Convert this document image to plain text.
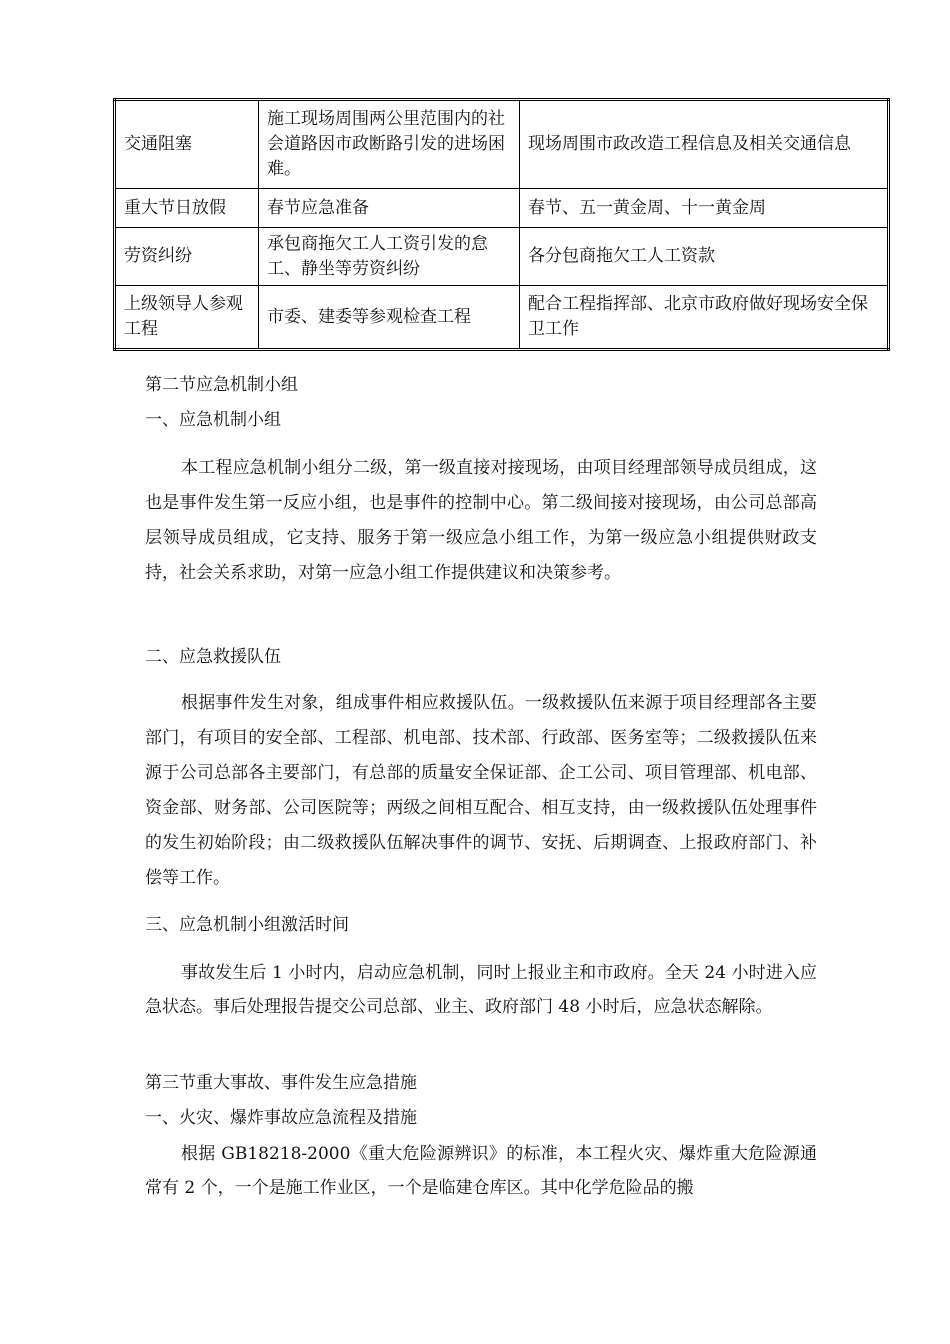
交通阻塞	施工现场周围两公里范围内的社会道路因市政断路引发的进场困难。	现场周围市政改造工程信息及相关交通信息
重大节日放假	春节应急准备	春节、五一黄金周、十一黄金周
劳资纠纷	承包商拖欠工人工资引发的怠工、静坐等劳资纠纷	各分包商拖欠工人工资款
上级领导人参观工程	市委、建委等参观检查工程	配合工程指挥部、北京市政府做好现场安全保卫工作
第二节应急机制小组
一、应急机制小组
本工程应急机制小组分二级，第一级直接对接现场，由项目经理部领导成员组成，这也是事件发生第一反应小组，也是事件的控制中心。第二级间接对接现场，由公司总部高层领导成员组成，它支持、服务于第一级应急小组工作，为第一级应急小组提供财政支持，社会关系求助，对第一应急小组工作提供建议和决策参考。
二、应急救援队伍
根据事件发生对象，组成事件相应救援队伍。一级救援队伍来源于项目经理部各主要部门，有项目的安全部、工程部、机电部、技术部、行政部、医务室等；二级救援队伍来源于公司总部各主要部门，有总部的质量安全保证部、企工公司、项目管理部、机电部、资金部、财务部、公司医院等；两级之间相互配合、相互支持，由一级救援队伍处理事件的发生初始阶段；由二级救援队伍解决事件的调节、安抚、后期调查、上报政府部门、补偿等工作。
三、应急机制小组激活时间
事故发生后 1 小时内，启动应急机制，同时上报业主和市政府。全天 24 小时进入应急状态。事后处理报告提交公司总部、业主、政府部门 48 小时后，应急状态解除。
第三节重大事故、事件发生应急措施
一、火灾、爆炸事故应急流程及措施
根据 GB18218-2000《重大危险源辨识》的标准，本工程火灾、爆炸重大危险源通常有 2 个，一个是施工作业区，一个是临建仓库区。其中化学危险品的搬
